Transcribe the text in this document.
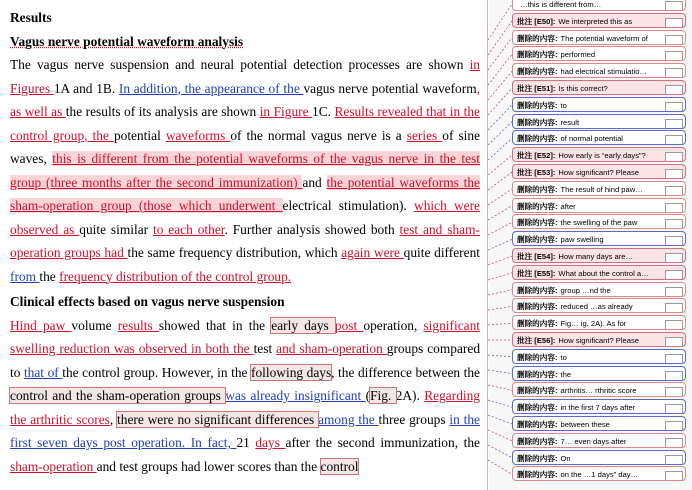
Results
Vagus nerve potential waveform analysis
The vagus nerve suspension and neural potential detection processes are shown in Figures 1A and 1B. In addition, the appearance of the vagus nerve potential waveform, as well as the results of its analysis are shown in Figure 1C. Results revealed that in the control group, the potential waveforms of the normal vagus nerve is a series of sine waves, this is different from the potential waveforms of the vagus nerve in the test group (three months after the second immunization) and the potential waveforms the sham-operation group (those which underwent electrical stimulation). which were observed as quite similar to each other. Further analysis showed both test and sham-operation groups had the same frequency distribution, which again were quite different from the frequency distribution of the control group.
Clinical effects based on vagus nerve suspension
Hind paw volume results showed that in the early days post operation, significant swelling reduction was observed in both the test and sham-operation groups compared to that of the control group. However, in the following days, the difference between the control and the sham-operation groups was already insignificant (Fig. 2A). Regarding the arthritic scores, there were no significant differences among the three groups in the first seven days post operation. In fact, 21 days after the second immunization, the sham-operation and test groups had lower scores than the control
…this is different from…
批注 [E50]: We interpreted this as
删除的内容: The potential waveform of
删除的内容: performed
删除的内容: had electrical stimulatio…
批注 [E51]: Is this correct?
删除的内容: to
删除的内容: result
删除的内容: of normal potential
批注 [E52]: How early is “early days”?
批注 [E53]: How significant? Please
删除的内容: The result of hind paw…
删除的内容: after
删除的内容: the swelling of the paw
删除的内容: paw swelling
批注 [E54]: How many days are…
批注 [E55]: What about the control a…
删除的内容: group …nd the
删除的内容: reduced …as already
删除的内容: Fig… ig. 2A). As for
批注 [E56]: How significant? Please
删除的内容: to
删除的内容: the
删除的内容: arthritis… rthritic score
删除的内容: in the first 7 days after
删除的内容: between these
删除的内容: 7… even days after
删除的内容: On
删除的内容: on the …1 days” day…
